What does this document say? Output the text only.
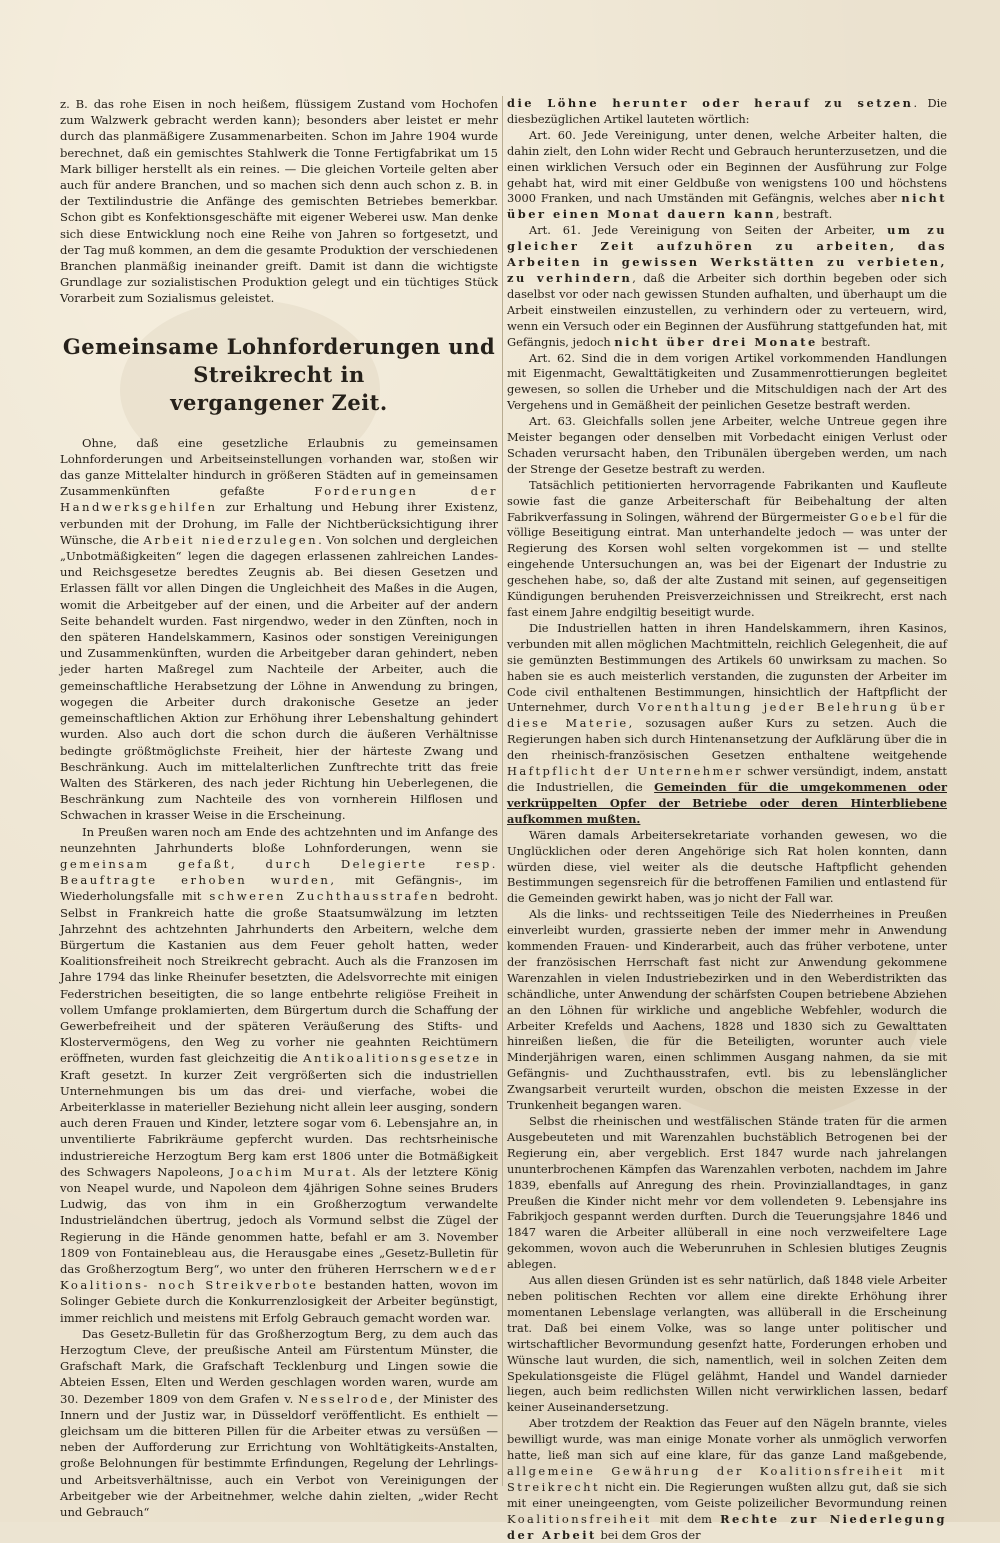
z. B. das rohe Eisen in noch heißem, flüssigem Zustand vom Hochofen zum Walzwerk gebracht werden kann); besonders aber leistet er mehr durch das planmäßigere Zusammenarbeiten. Schon im Jahre 1904 wurde berechnet, daß ein gemischtes Stahlwerk die Tonne Fertigfabrikat um 15 Mark billiger herstellt als ein reines. — Die gleichen Vorteile gelten aber auch für andere Branchen, und so machen sich denn auch schon z. B. in der Textilindustrie die Anfänge des gemischten Betriebes bemerkbar. Schon gibt es Konfektionsgeschäfte mit eigener Weberei usw. Man denke sich diese Entwicklung noch eine Reihe von Jahren so fortgesetzt, und der Tag muß kommen, an dem die gesamte Produktion der verschiedenen Branchen planmäßig ineinander greift. Damit ist dann die wichtigste Grundlage zur sozialistischen Produktion gelegt und ein tüchtiges Stück Vorarbeit zum Sozialismus geleistet.

Gemeinsame Lohnforderungen und Streikrecht in

vergangener Zeit.

Ohne, daß eine gesetzliche Erlaubnis zu gemeinsamen Lohnforderungen und Arbeitseinstellungen vorhanden war, stoßen wir das ganze Mittelalter hindurch in größeren Städten auf in gemeinsamen Zusammenkünften gefaßte Forderungen der Handwerksgehilfen zur Erhaltung und Hebung ihrer Existenz, verbunden mit der Drohung, im Falle der Nichtberücksichtigung ihrer Wünsche, die Arbeit niederzulegen. Von solchen und dergleichen „Unbotmäßigkeiten“ legen die dagegen erlassenen zahlreichen Landes- und Reichsgesetze beredtes Zeugnis ab. Bei diesen Gesetzen und Erlassen fällt vor allen Dingen die Ungleichheit des Maßes in die Augen, womit die Arbeitgeber auf der einen, und die Arbeiter auf der andern Seite behandelt wurden. Fast nirgendwo, weder in den Zünften, noch in den späteren Handelskammern, Kasinos oder sonstigen Vereinigungen und Zusammenkünften, wurden die Arbeitgeber daran gehindert, neben jeder harten Maßregel zum Nachteile der Arbeiter, auch die gemeinschaftliche Herabsetzung der Löhne in Anwendung zu bringen, wogegen die Arbeiter durch drakonische Gesetze an jeder gemeinschaftlichen Aktion zur Erhöhung ihrer Lebenshaltung gehindert wurden. Also auch dort die schon durch die äußeren Verhältnisse bedingte größtmöglichste Freiheit, hier der härteste Zwang und Beschränkung. Auch im mittelalterlichen Zunftrechte tritt das freie Walten des Stärkeren, des nach jeder Richtung hin Ueberlegenen, die Beschränkung zum Nachteile des von vornherein Hilflosen und Schwachen in krasser Weise in die Erscheinung.

In Preußen waren noch am Ende des achtzehnten und im Anfange des neunzehnten Jahrhunderts bloße Lohnforderungen, wenn sie gemeinsam gefaßt, durch Delegierte resp. Beauftragte erhoben wurden, mit Gefängnis-, im Wiederholungsfalle mit schweren Zuchthausstrafen bedroht. Selbst in Frankreich hatte die große Staatsumwälzung im letzten Jahrzehnt des achtzehnten Jahrhunderts den Arbeitern, welche dem Bürgertum die Kastanien aus dem Feuer geholt hatten, weder Koalitionsfreiheit noch Streikrecht gebracht. Auch als die Franzosen im Jahre 1794 das linke Rheinufer besetzten, die Adelsvorrechte mit einigen Federstrichen beseitigten, die so lange entbehrte religiöse Freiheit in vollem Umfange proklamierten, dem Bürgertum durch die Schaffung der Gewerbefreiheit und der späteren Veräußerung des Stifts- und Klostervermögens, den Weg zu vorher nie geahnten Reichtümern eröffneten, wurden fast gleichzeitig die Antikoalitionsgesetze in Kraft gesetzt. In kurzer Zeit vergrößerten sich die industriellen Unternehmungen bis um das drei- und vierfache, wobei die Arbeiterklasse in materieller Beziehung nicht allein leer ausging, sondern auch deren Frauen und Kinder, letztere sogar vom 6. Lebensjahre an, in unventilierte Fabrikräume gepfercht wurden. Das rechtsrheinische industriereiche Herzogtum Berg kam erst 1806 unter die Botmäßigkeit des Schwagers Napoleons, Joachim Murat. Als der letztere König von Neapel wurde, und Napoleon dem 4jährigen Sohne seines Bruders Ludwig, das von ihm in ein Großherzogtum verwandelte Industrieländchen übertrug, jedoch als Vormund selbst die Zügel der Regierung in die Hände genommen hatte, befahl er am 3. November 1809 von Fontainebleau aus, die Herausgabe eines „Gesetz-Bulletin für das Großherzogtum Berg“, wo unter den früheren Herrschern weder Koalitions- noch Streikverbote bestanden hatten, wovon im Solinger Gebiete durch die Konkurrenzlosigkeit der Arbeiter begünstigt, immer reichlich und meistens mit Erfolg Gebrauch gemacht worden war.

Das Gesetz-Bulletin für das Großherzogtum Berg, zu dem auch das Herzogtum Cleve, der preußische Anteil am Fürstentum Münster, die Grafschaft Mark, die Grafschaft Tecklenburg und Lingen sowie die Abteien Essen, Elten und Werden geschlagen worden waren, wurde am 30. Dezember 1809 von dem Grafen v. Nesselrode, der Minister des Innern und der Justiz war, in Düsseldorf veröffentlicht. Es enthielt — gleichsam um die bitteren Pillen für die Arbeiter etwas zu versüßen — neben der Aufforderung zur Errichtung von Wohltätigkeits-Anstalten, große Belohnungen für bestimmte Erfindungen, Regelung der Lehrlings- und Arbeitsverhältnisse, auch ein Verbot von Vereinigungen der Arbeitgeber wie der Arbeitnehmer, welche dahin zielten, „wider Recht und Gebrauch“

die Löhne herunter oder herauf zu setzen. Die diesbezüglichen Artikel lauteten wörtlich:

Art. 60. Jede Vereinigung, unter denen, welche Arbeiter halten, die dahin zielt, den Lohn wider Recht und Gebrauch herunterzusetzen, und die einen wirklichen Versuch oder ein Beginnen der Ausführung zur Folge gehabt hat, wird mit einer Geldbuße von wenigstens 100 und höchstens 3000 Franken, und nach Umständen mit Gefängnis, welches aber nicht über einen Monat dauern kann, bestraft.

Art. 61. Jede Vereinigung von Seiten der Arbeiter, um zu gleicher Zeit aufzuhören zu arbeiten, das Arbeiten in gewissen Werkstätten zu verbieten, zu verhindern, daß die Arbeiter sich dorthin begeben oder sich daselbst vor oder nach gewissen Stunden aufhalten, und überhaupt um die Arbeit einstweilen einzustellen, zu verhindern oder zu verteuern, wird, wenn ein Versuch oder ein Beginnen der Ausführung stattgefunden hat, mit Gefängnis, jedoch nicht über drei Monate bestraft.

Art. 62. Sind die in dem vorigen Artikel vorkommenden Handlungen mit Eigenmacht, Gewalttätigkeiten und Zusammenrottierungen begleitet gewesen, so sollen die Urheber und die Mitschuldigen nach der Art des Vergehens und in Gemäßheit der peinlichen Gesetze bestraft werden.

Art. 63. Gleichfalls sollen jene Arbeiter, welche Untreue gegen ihre Meister begangen oder denselben mit Vorbedacht einigen Verlust oder Schaden verursacht haben, den Tribunälen übergeben werden, um nach der Strenge der Gesetze bestraft zu werden.

Tatsächlich petitionierten hervorragende Fabrikanten und Kaufleute sowie fast die ganze Arbeiterschaft für Beibehaltung der alten Fabrikverfassung in Solingen, während der Bürgermeister Goebel für die völlige Beseitigung eintrat. Man unterhandelte jedoch — was unter der Regierung des Korsen wohl selten vorgekommen ist — und stellte eingehende Untersuchungen an, was bei der Eigenart der Industrie zu geschehen habe, so, daß der alte Zustand mit seinen, auf gegenseitigen Kündigungen beruhenden Preisverzeichnissen und Streikrecht, erst nach fast einem Jahre endgiltig beseitigt wurde.

Die Industriellen hatten in ihren Handelskammern, ihren Kasinos, verbunden mit allen möglichen Machtmitteln, reichlich Gelegenheit, die auf sie gemünzten Bestimmungen des Artikels 60 unwirksam zu machen. So haben sie es auch meisterlich verstanden, die zugunsten der Arbeiter im Code civil enthaltenen Bestimmungen, hinsichtlich der Haftpflicht der Unternehmer, durch Vorenthaltung jeder Belehrung über diese Materie, sozusagen außer Kurs zu setzen. Auch die Regierungen haben sich durch Hintenansetzung der Aufklärung über die in den rheinisch-französischen Gesetzen enthaltene weitgehende Haftpflicht der Unternehmer schwer versündigt, indem, anstatt die Industriellen, die Gemeinden für die umgekommenen oder verkrüppelten Opfer der Betriebe oder deren Hinterbliebene aufkommen mußten.

Wären damals Arbeitersekretariate vorhanden gewesen, wo die Unglücklichen oder deren Angehörige sich Rat holen konnten, dann würden diese, viel weiter als die deutsche Haftpflicht gehenden Bestimmungen segensreich für die betroffenen Familien und entlastend für die Gemeinden gewirkt haben, was jo nicht der Fall war.

Als die links- und rechtsseitigen Teile des Niederrheines in Preußen einverleibt wurden, grassierte neben der immer mehr in Anwendung kommenden Frauen- und Kinderarbeit, auch das früher verbotene, unter der französischen Herrschaft fast nicht zur Anwendung gekommene Warenzahlen in vielen Industriebezirken und in den Weberdistrikten das schändliche, unter Anwendung der schärfsten Coupen betriebene Abziehen an den Löhnen für wirkliche und angebliche Webfehler, wodurch die Arbeiter Krefelds und Aachens, 1828 und 1830 sich zu Gewalttaten hinreißen ließen, die für die Beteiligten, worunter auch viele Minderjährigen waren, einen schlimmen Ausgang nahmen, da sie mit Gefängnis- und Zuchthausstrafen, evtl. bis zu lebenslänglicher Zwangsarbeit verurteilt wurden, obschon die meisten Exzesse in der Trunkenheit begangen waren.

Selbst die rheinischen und westfälischen Stände traten für die armen Ausgebeuteten und mit Warenzahlen buchstäblich Betrogenen bei der Regierung ein, aber vergeblich. Erst 1847 wurde nach jahrelangen ununterbrochenen Kämpfen das Warenzahlen verboten, nachdem im Jahre 1839, ebenfalls auf Anregung des rhein. Provinziallandtages, in ganz Preußen die Kinder nicht mehr vor dem vollendeten 9. Lebensjahre ins Fabrikjoch gespannt werden durften. Durch die Teuerungsjahre 1846 und 1847 waren die Arbeiter allüberall in eine noch verzweifeltere Lage gekommen, wovon auch die Weberunruhen in Schlesien blutiges Zeugnis ablegen.

Aus allen diesen Gründen ist es sehr natürlich, daß 1848 viele Arbeiter neben politischen Rechten vor allem eine direkte Erhöhung ihrer momentanen Lebenslage verlangten, was allüberall in die Erscheinung trat. Daß bei einem Volke, was so lange unter politischer und wirtschaftlicher Bevormundung gesenfzt hatte, Forderungen erhoben und Wünsche laut wurden, die sich, namentlich, weil in solchen Zeiten dem Spekulationsgeiste die Flügel gelähmt, Handel und Wandel darnieder liegen, auch beim redlichsten Willen nicht verwirklichen lassen, bedarf keiner Auseinandersetzung.

Aber trotzdem der Reaktion das Feuer auf den Nägeln brannte, vieles bewilligt wurde, was man einige Monate vorher als unmöglich verworfen hatte, ließ man sich auf eine klare, für das ganze Land maßgebende, allgemeine Gewährung der Koalitionsfreiheit mit Streikrecht nicht ein. Die Regierungen wußten allzu gut, daß sie sich mit einer uneingeengten, vom Geiste polizeilicher Bevormundung reinen Koalitionsfreiheit mit dem Rechte zur Niederlegung der Arbeit bei dem Gros der
